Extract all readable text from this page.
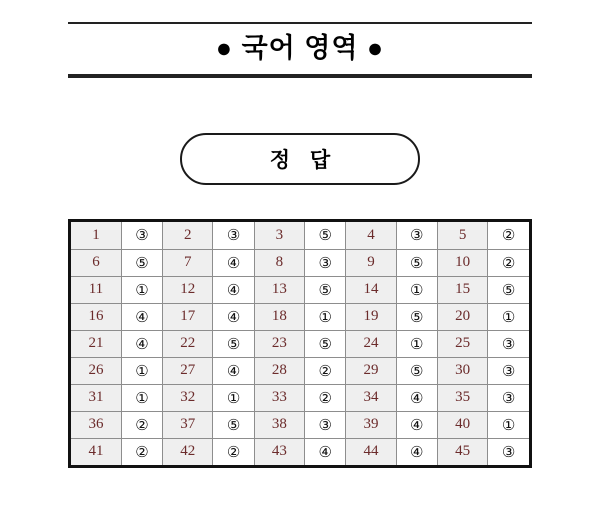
● 국어 영역 ●
정 답
1	③	2	③	3	⑤	4	③	5	②
6	⑤	7	④	8	③	9	⑤	10	②
11	①	12	④	13	⑤	14	①	15	⑤
16	④	17	④	18	①	19	⑤	20	①
21	④	22	⑤	23	⑤	24	①	25	③
26	①	27	④	28	②	29	⑤	30	③
31	①	32	①	33	②	34	④	35	③
36	②	37	⑤	38	③	39	④	40	①
41	②	42	②	43	④	44	④	45	③
